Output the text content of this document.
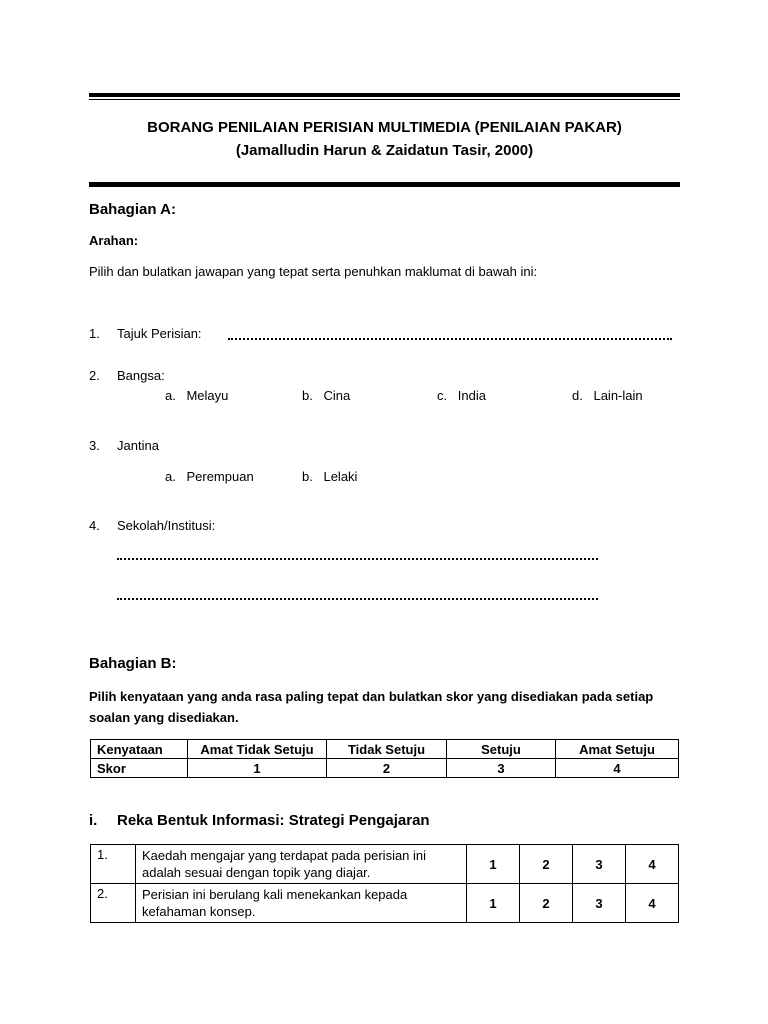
BORANG PENILAIAN PERISIAN MULTIMEDIA (PENILAIAN PAKAR)
(Jamalludin Harun & Zaidatun Tasir, 2000)
Bahagian A:
Arahan:
Pilih dan bulatkan jawapan yang tepat serta penuhkan maklumat di bawah ini:
1. Tajuk Perisian:
2. Bangsa:
a. Melayu	b. Cina	c. India	d. Lain-lain
3. Jantina
a. Perempuan	b. Lelaki
4. Sekolah/Institusi:
Bahagian B:
Pilih kenyataan yang anda rasa paling tepat dan bulatkan skor yang disediakan pada setiap
soalan yang disediakan.
Kenyataan	Amat Tidak Setuju	Tidak Setuju	Setuju	Amat Setuju
Skor	1	2	3	4
i. Reka Bentuk Informasi: Strategi Pengajaran
1.	Kaedah mengajar yang terdapat pada perisian ini
adalah sesuai dengan topik yang diajar.	1	2	3	4
2.	Perisian ini berulang kali menekankan kepada
kefahaman konsep.	1	2	3	4
